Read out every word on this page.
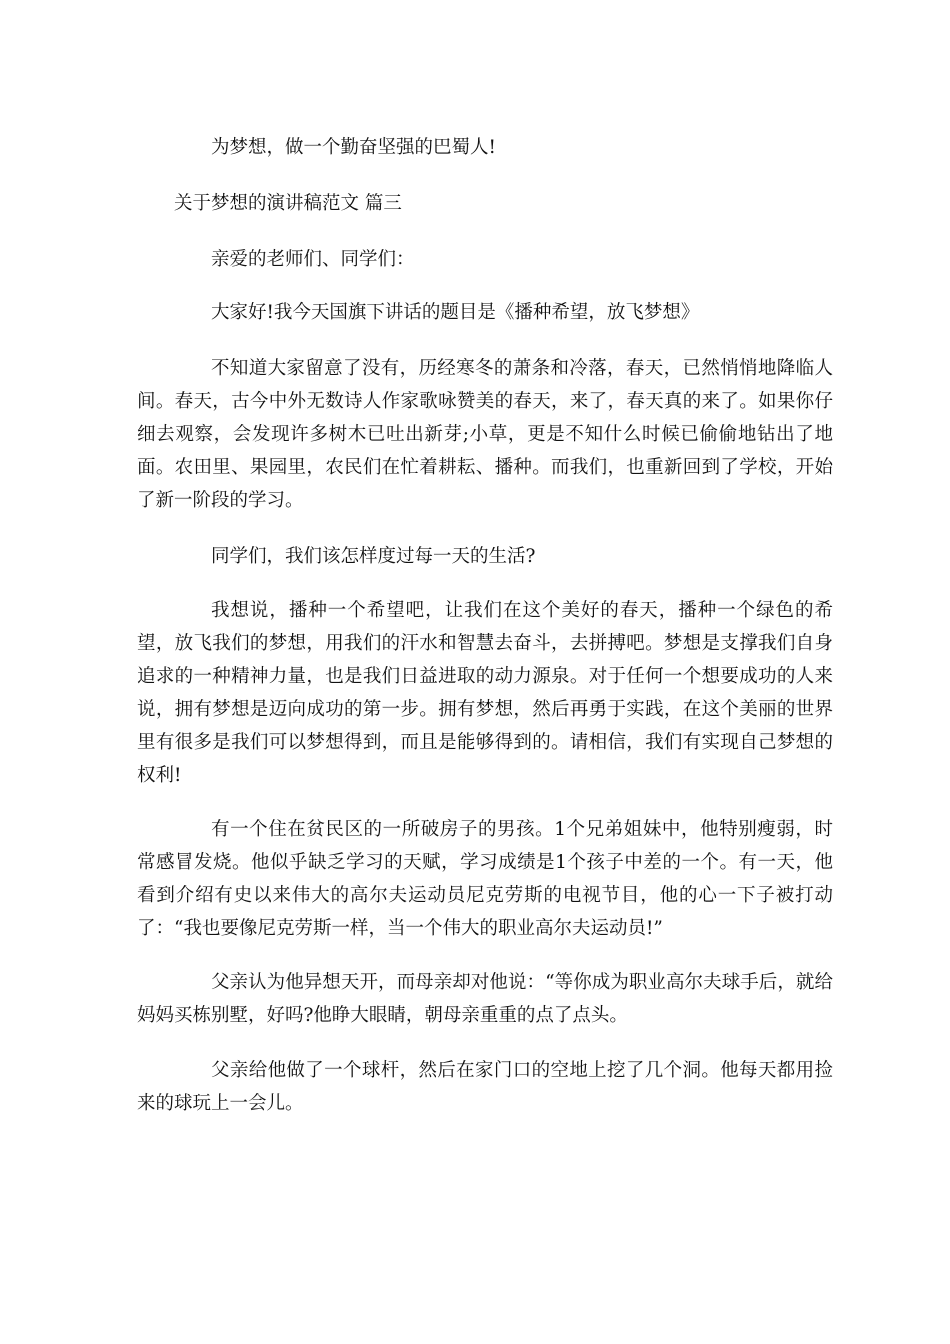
为梦想，做一个勤奋坚强的巴蜀人!

关于梦想的演讲稿范文 篇三

亲爱的老师们、同学们：

大家好!我今天国旗下讲话的题目是《播种希望，放飞梦想》

不知道大家留意了没有，历经寒冬的萧条和冷落，春天，已然悄悄地降临人间。春天，古今中外无数诗人作家歌咏赞美的春天，来了，春天真的来了。如果你仔细去观察，会发现许多树木已吐出新芽;小草，更是不知什么时候已偷偷地钻出了地面。农田里、果园里，农民们在忙着耕耘、播种。而我们，也重新回到了学校，开始了新一阶段的学习。

同学们，我们该怎样度过每一天的生活?

我想说，播种一个希望吧，让我们在这个美好的春天，播种一个绿色的希望，放飞我们的梦想，用我们的汗水和智慧去奋斗，去拼搏吧。梦想是支撑我们自身追求的一种精神力量，也是我们日益进取的动力源泉。对于任何一个想要成功的人来说，拥有梦想是迈向成功的第一步。拥有梦想，然后再勇于实践，在这个美丽的世界里有很多是我们可以梦想得到，而且是能够得到的。请相信，我们有实现自己梦想的权利!

有一个住在贫民区的一所破房子的男孩。1个兄弟姐妹中，他特别瘦弱，时常感冒发烧。他似乎缺乏学习的天赋，学习成绩是1个孩子中差的一个。有一天，他看到介绍有史以来伟大的高尔夫运动员尼克劳斯的电视节目，他的心一下子被打动了：“我也要像尼克劳斯一样，当一个伟大的职业高尔夫运动员!”

父亲认为他异想天开，而母亲却对他说：“等你成为职业高尔夫球手后，就给妈妈买栋别墅，好吗?他睁大眼睛，朝母亲重重的点了点头。

父亲给他做了一个球杆，然后在家门口的空地上挖了几个洞。他每天都用捡来的球玩上一会儿。
